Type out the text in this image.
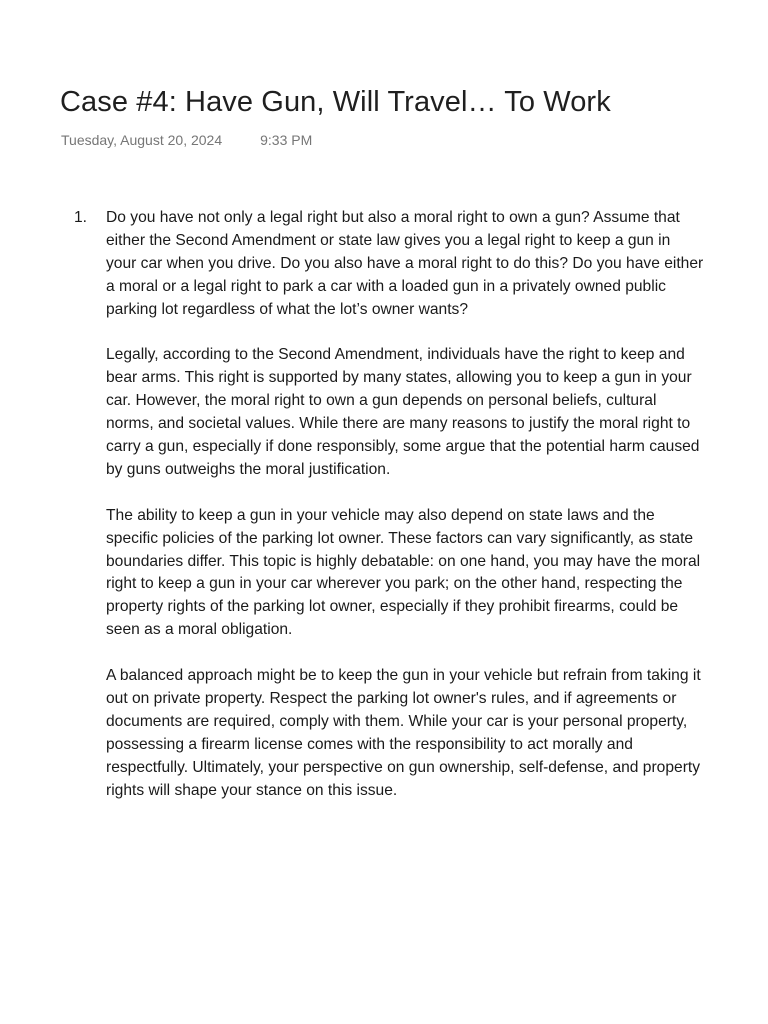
Case #4: Have Gun, Will Travel… To Work
Tuesday, August 20, 2024	9:33 PM
1.	Do you have not only a legal right but also a moral right to own a gun? Assume that either the Second Amendment or state law gives you a legal right to keep a gun in your car when you drive. Do you also have a moral right to do this? Do you have either a moral or a legal right to park a car with a loaded gun in a privately owned public parking lot regardless of what the lot’s owner wants?

Legally, according to the Second Amendment, individuals have the right to keep and bear arms. This right is supported by many states, allowing you to keep a gun in your car. However, the moral right to own a gun depends on personal beliefs, cultural norms, and societal values. While there are many reasons to justify the moral right to carry a gun, especially if done responsibly, some argue that the potential harm caused by guns outweighs the moral justification.

The ability to keep a gun in your vehicle may also depend on state laws and the specific policies of the parking lot owner. These factors can vary significantly, as state boundaries differ. This topic is highly debatable: on one hand, you may have the moral right to keep a gun in your car wherever you park; on the other hand, respecting the property rights of the parking lot owner, especially if they prohibit firearms, could be seen as a moral obligation.

A balanced approach might be to keep the gun in your vehicle but refrain from taking it out on private property. Respect the parking lot owner's rules, and if agreements or documents are required, comply with them. While your car is your personal property, possessing a firearm license comes with the responsibility to act morally and respectfully. Ultimately, your perspective on gun ownership, self-defense, and property rights will shape your stance on this issue.
